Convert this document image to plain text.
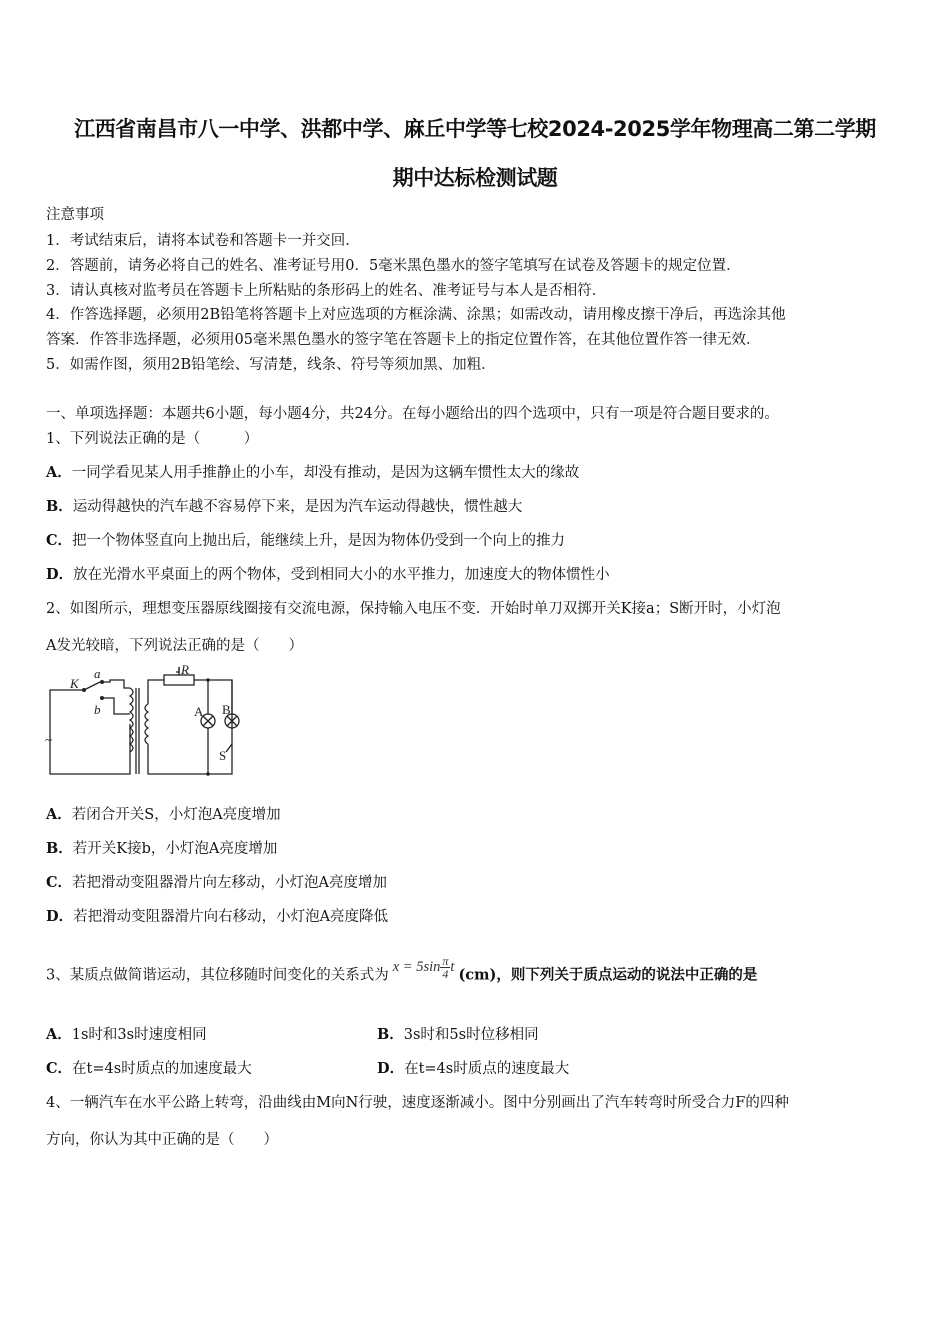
江西省南昌市八一中学、洪都中学、麻丘中学等七校2024-2025学年物理高二第二学期
期中达标检测试题
注意事项
1．考试结束后，请将本试卷和答题卡一并交回．
2．答题前，请务必将自己的姓名、准考证号用0．5毫米黑色墨水的签字笔填写在试卷及答题卡的规定位置．
3．请认真核对监考员在答题卡上所粘贴的条形码上的姓名、准考证号与本人是否相符．
4．作答选择题，必须用2B铅笔将答题卡上对应选项的方框涂满、涂黑；如需改动，请用橡皮擦干净后，再选涂其他
答案．作答非选择题，必须用05毫米黑色墨水的签字笔在答题卡上的指定位置作答，在其他位置作答一律无效．
5．如需作图，须用2B铅笔绘、写清楚，线条、符号等须加黑、加粗．
一、单项选择题：本题共6小题，每小题4分，共24分。在每小题给出的四个选项中，只有一项是符合题目要求的。
1、下列说法正确的是（　　　）
A．一同学看见某人用手推静止的小车，却没有推动，是因为这辆车惯性太大的缘故
B．运动得越快的汽车越不容易停下来，是因为汽车运动得越快，惯性越大
C．把一个物体竖直向上抛出后，能继续上升，是因为物体仍受到一个向上的推力
D．放在光滑水平桌面上的两个物体，受到相同大小的水平推力，加速度大的物体惯性小
2、如图所示，理想变压器原线圈接有交流电源，保持输入电压不变．开始时单刀双掷开关K接a；S断开时，小灯泡
A发光较暗，下列说法正确的是（　　）
K
a
b
R
A B
S
~
A．若闭合开关S，小灯泡A亮度增加
B．若开关K接b，小灯泡A亮度增加
C．若把滑动变阻器滑片向左移动，小灯泡A亮度增加
D．若把滑动变阻器滑片向右移动，小灯泡A亮度降低
3、某质点做简谐运动，其位移随时间变化的关系式为$x = 5\sin \frac{\pi}{4}$ t (cm)，则下列关于质点运动的说法中正确的是
A．1s时和3s时速度相同	B．3s时和5s时位移相同
C．在t=4s时质点的加速度最大	D．在t=4s时质点的速度最大
4、一辆汽车在水平公路上转弯，沿曲线由M向N行驶，速度逐渐减小。图中分别画出了汽车转弯时所受合力F的四种
方向，你认为其中正确的是（　　）
